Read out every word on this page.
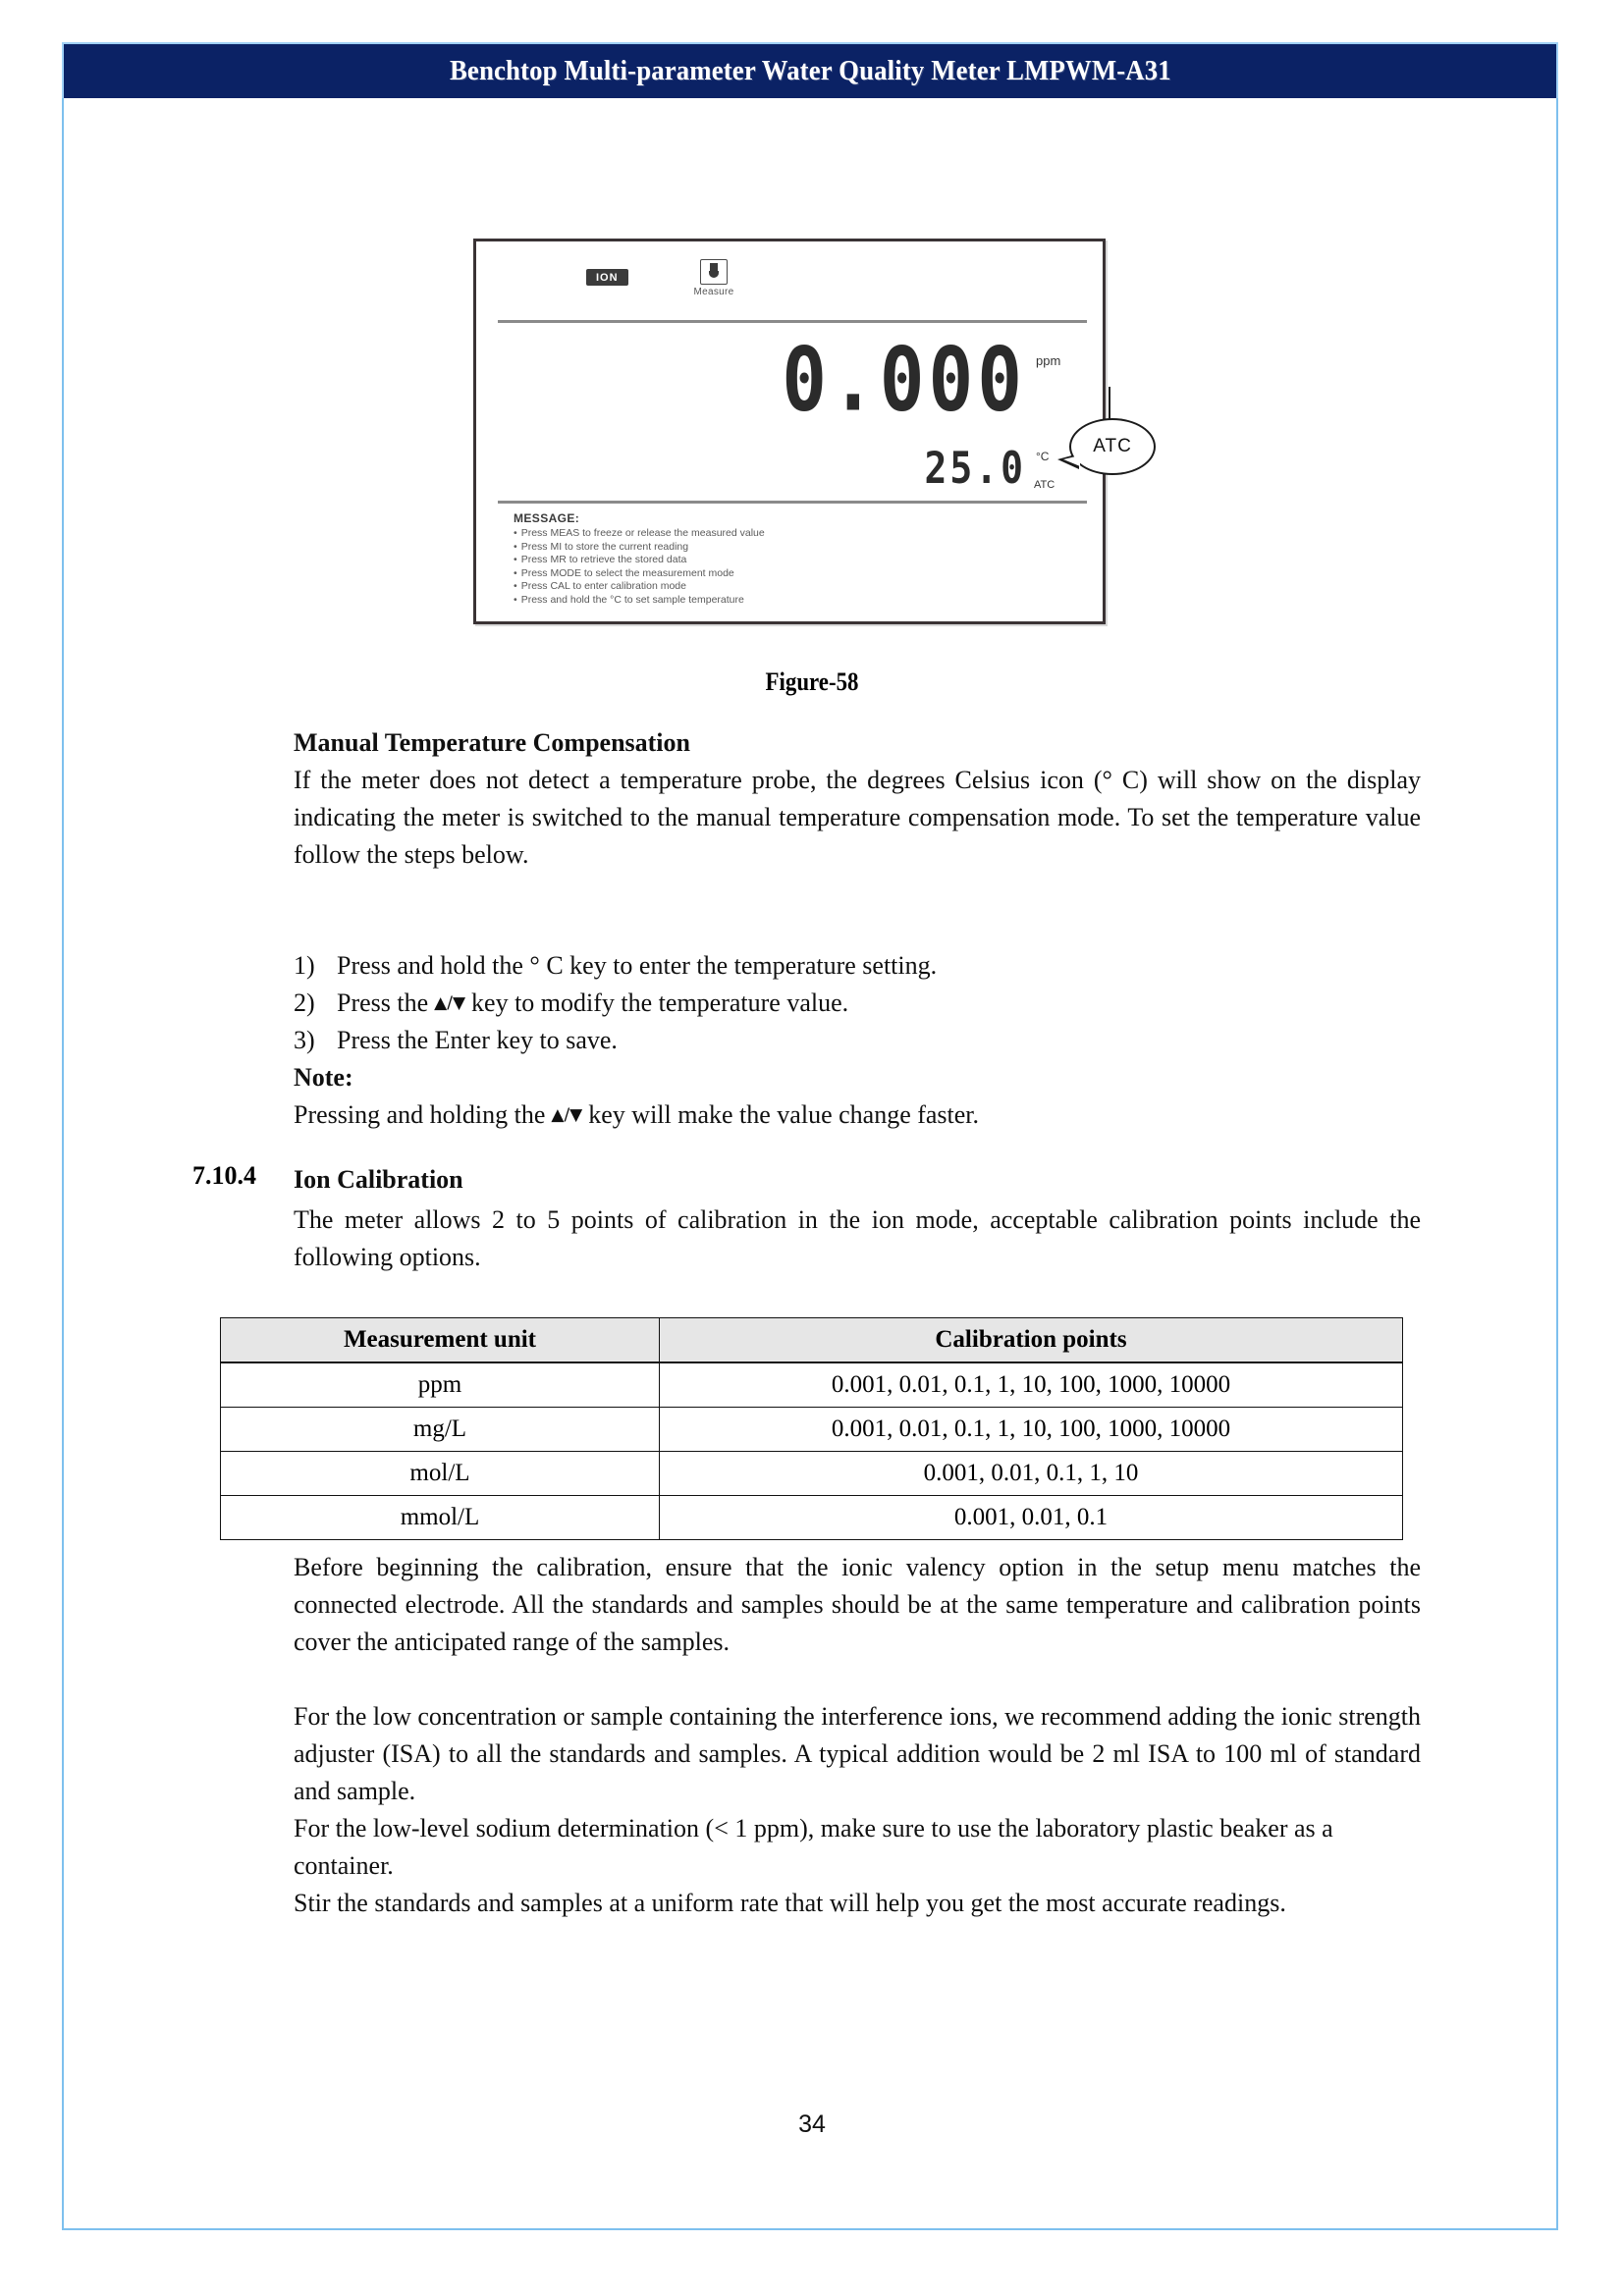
Benchtop Multi-parameter Water Quality Meter LMPWM-A31
ION
Measure
0.000 ppm
25.0 °C
ATC
ATC
MESSAGE:
• Press MEAS to freeze or release the measured value
• Press MI to store the current reading
• Press MR to retrieve the stored data
• Press MODE to select the measurement mode
• Press CAL to enter calibration mode
• Press and hold the °C to set sample temperature
Figure-58
Manual Temperature Compensation
If the meter does not detect a temperature probe, the degrees Celsius icon (° C) will show on the display indicating the meter is switched to the manual temperature compensation mode. To set the temperature value follow the steps below.
1) Press and hold the ° C key to enter the temperature setting.
2) Press the ▲/▼ key to modify the temperature value.
3) Press the Enter key to save.
Note:
Pressing and holding the ▲/▼ key will make the value change faster.
7.10.4 Ion Calibration
The meter allows 2 to 5 points of calibration in the ion mode, acceptable calibration points include the following options.
Measurement unit	Calibration points
ppm	0.001, 0.01, 0.1, 1, 10, 100, 1000, 10000
mg/L	0.001, 0.01, 0.1, 1, 10, 100, 1000, 10000
mol/L	0.001, 0.01, 0.1, 1, 10
mmol/L	0.001, 0.01, 0.1
Before beginning the calibration, ensure that the ionic valency option in the setup menu matches the connected electrode. All the standards and samples should be at the same temperature and calibration points cover the anticipated range of the samples.
For the low concentration or sample containing the interference ions, we recommend adding the ionic strength adjuster (ISA) to all the standards and samples. A typical addition would be 2 ml ISA to 100 ml of standard and sample.
For the low-level sodium determination (< 1 ppm), make sure to use the laboratory plastic beaker as a container.
Stir the standards and samples at a uniform rate that will help you get the most accurate readings.
34
